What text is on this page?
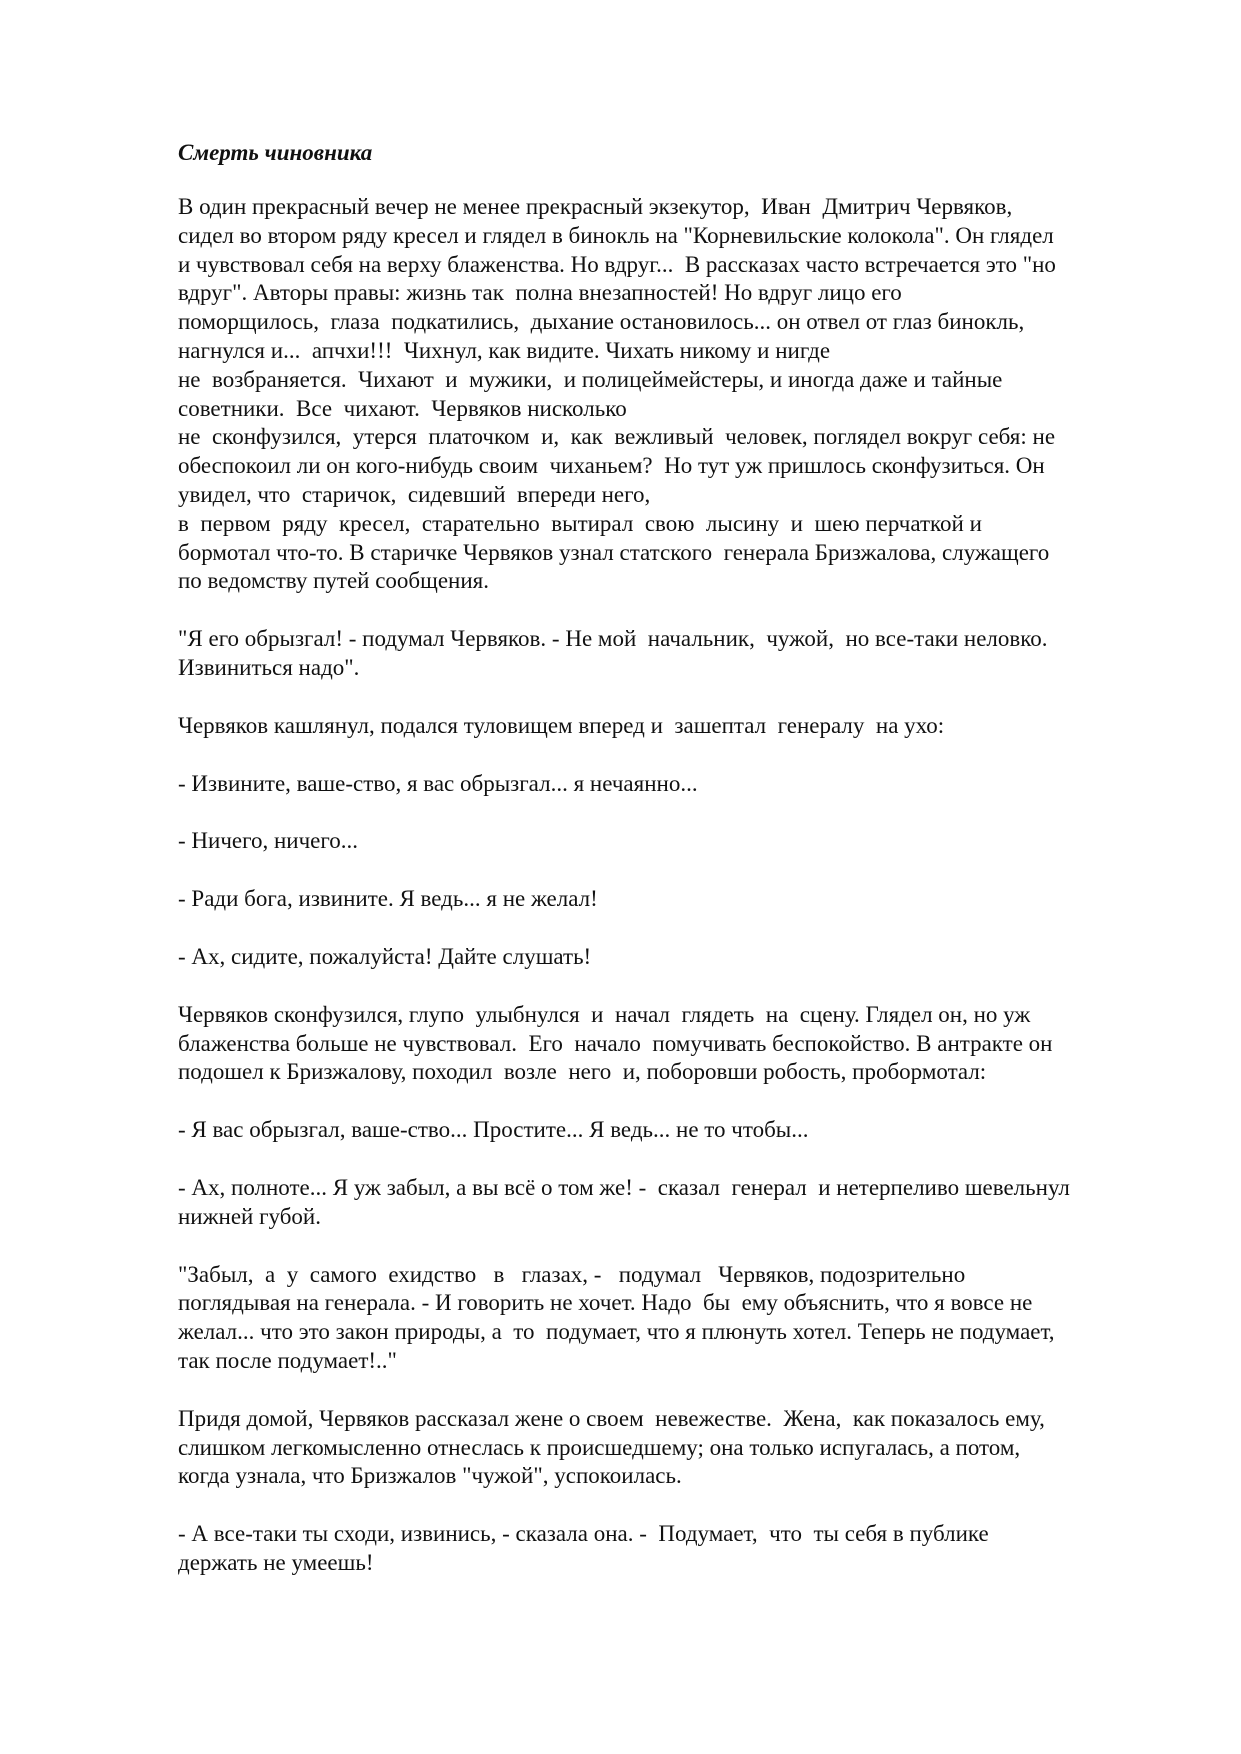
Смерть чиновника
В один прекрасный вечер не менее прекрасный экзекутор,  Иван  Дмитрич Червяков,
сидел во втором ряду кресел и глядел в бинокль на "Корневильские колокола". Он глядел
и чувствовал себя на верху блаженства. Но вдруг...  В рассказах часто встречается это "но
вдруг". Авторы правы: жизнь так  полна внезапностей! Но вдруг лицо его
поморщилось,  глаза  подкатились,  дыхание остановилось... он отвел от глаз бинокль,
нагнулся и...  апчхи!!!  Чихнул, как видите. Чихать никому и нигде
не  возбраняется.  Чихают  и  мужики,  и полицеймейстеры, и иногда даже и тайные
советники.  Все  чихают.  Червяков нисколько
не  сконфузился,  утерся  платочком  и,  как  вежливый  человек, поглядел вокруг себя: не
обеспокоил ли он кого-нибудь своим  чиханьем?  Но тут уж пришлось сконфузиться. Он
увидел, что  старичок,  сидевший  впереди него,
в  первом  ряду  кресел,  старательно  вытирал  свою  лысину  и  шею перчаткой и
бормотал что-то. В старичке Червяков узнал статского  генерала Бризжалова, служащего
по ведомству путей сообщения.
"Я его обрызгал! - подумал Червяков. - Не мой  начальник,  чужой,  но все-таки неловко.
Извиниться надо".
Червяков кашлянул, подался туловищем вперед и  зашептал  генералу  на ухо:
- Извините, ваше-ство, я вас обрызгал... я нечаянно...
- Ничего, ничего...
- Ради бога, извините. Я ведь... я не желал!
- Ах, сидите, пожалуйста! Дайте слушать!
Червяков сконфузился, глупо  улыбнулся  и  начал  глядеть  на  сцену. Глядел он, но уж
блаженства больше не чувствовал.  Его  начало  помучивать беспокойство. В антракте он
подошел к Бризжалову, походил  возле  него  и, поборовши робость, пробормотал:
- Я вас обрызгал, ваше-ство... Простите... Я ведь... не то чтобы...
- Ах, полноте... Я уж забыл, а вы всё о том же! -  сказал  генерал  и нетерпеливо шевельнул
нижней губой.
"Забыл,  а  у  самого  ехидство   в   глазах, -   подумал   Червяков, подозрительно
поглядывая на генерала. - И говорить не хочет. Надо  бы  ему объяснить, что я вовсе не
желал... что это закон природы, а  то  подумает, что я плюнуть хотел. Теперь не подумает,
так после подумает!.."
Придя домой, Червяков рассказал жене о своем  невежестве.  Жена,  как показалось ему,
слишком легкомысленно отнеслась к происшедшему; она только испугалась, а потом,
когда узнала, что Бризжалов "чужой", успокоилась.
- А все-таки ты сходи, извинись, - сказала она. -  Подумает,  что  ты себя в публике
держать не умеешь!
